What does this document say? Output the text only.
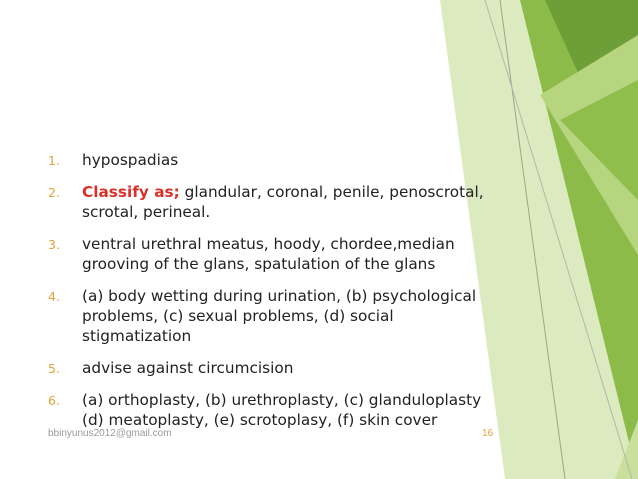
1. hypospadias
2. Classify as; glandular, coronal, penile, penoscrotal, scrotal, perineal.
3. ventral urethral meatus, hoody, chordee,median grooving of the glans, spatulation of the glans
4. (a) body wetting during urination, (b) psychological problems, (c) sexual problems, (d) social stigmatization
5. advise against circumcision
6. (a) orthoplasty, (b) urethroplasty, (c) glanduloplasty (d) meatoplasty, (e) scrotoplasy, (f) skin cover
bbinyunus2012@gmail.com	16
